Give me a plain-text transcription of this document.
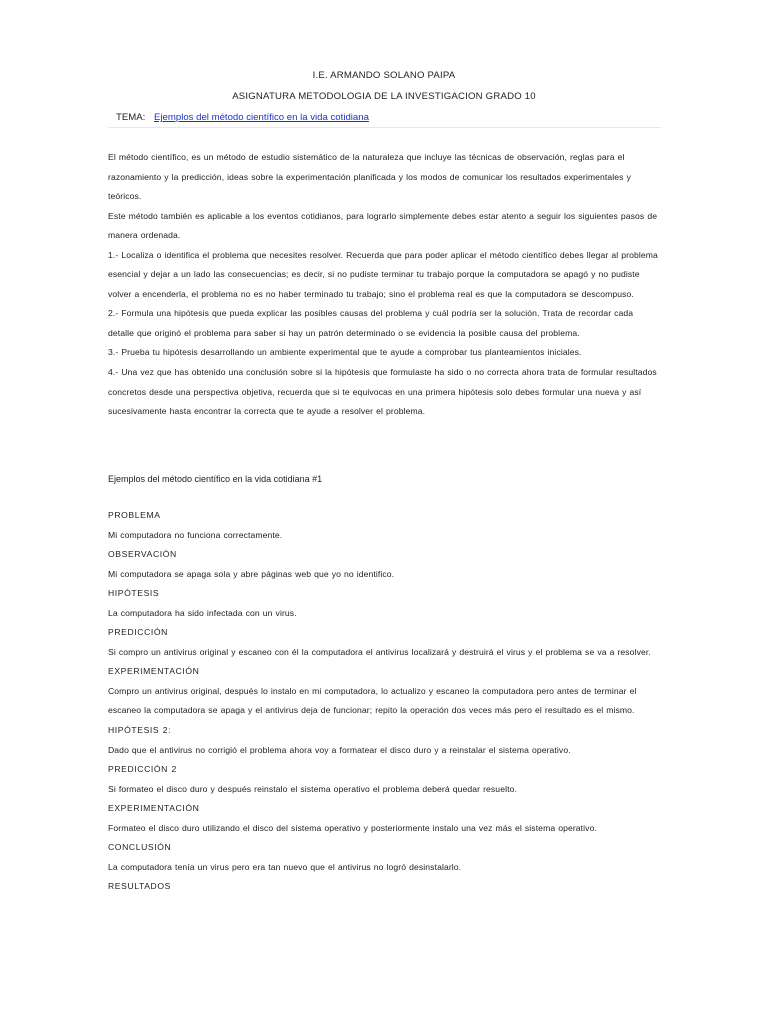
I.E. ARMANDO SOLANO PAIPA
ASIGNATURA METODOLOGIA DE LA INVESTIGACION GRADO 10
TEMA: Ejemplos del método científico en la vida cotidiana

El método científico, es un método de estudio sistemático de la naturaleza que incluye las técnicas de observación, reglas para el razonamiento y la predicción, ideas sobre la experimentación planificada y los modos de comunicar los resultados experimentales y teóricos.

Este método también es aplicable a los eventos cotidianos, para lograrlo simplemente debes estar atento a seguir los siguientes pasos de manera ordenada.

1.- Localiza o identifica el problema que necesites resolver. Recuerda que para poder aplicar el método científico debes llegar al problema esencial y dejar a un lado las consecuencias; es decir, si no pudiste terminar tu trabajo porque la computadora se apagó y no pudiste volver a encenderla, el problema no es no haber terminado tu trabajo; sino el problema real es que la computadora se descompuso.

2.- Formula una hipótesis que pueda explicar las posibles causas del problema y cuál podría ser la solución. Trata de recordar cada detalle que originó el problema para saber si hay un patrón determinado o se evidencia la posible causa del problema.

3.- Prueba tu hipótesis desarrollando un ambiente experimental que te ayude a comprobar tus planteamientos iniciales.

4.- Una vez que has obtenido una conclusión sobre si la hipótesis que formulaste ha sido o no correcta ahora trata de formular resultados concretos desde una perspectiva objetiva, recuerda que si te equivocas en una primera hipótesis solo debes formular una nueva y así sucesivamente hasta encontrar la correcta que te ayude a resolver el problema.

Ejemplos del método científico en la vida cotidiana #1

PROBLEMA

Mi computadora no funciona correctamente.

OBSERVACIÓN

Mi computadora se apaga sola y abre páginas web que yo no identifico.

HIPÓTESIS

La computadora ha sido infectada con un virus.

PREDICCIÓN

Si compro un antivirus original y escaneo con él la computadora el antivirus localizará y destruirá el virus y el problema se va a resolver.

EXPERIMENTACIÓN

Compro un antivirus original, después lo instalo en mi computadora, lo actualizo y escaneo la computadora pero antes de terminar el escaneo la computadora se apaga y el antivirus deja de funcionar; repito la operación dos veces más pero el resultado es el mismo.

HIPÓTESIS 2:

Dado que el antivirus no corrigió el problema ahora voy a formatear el disco duro y a reinstalar el sistema operativo.

PREDICCIÓN 2

Si formateo el disco duro y después reinstalo el sistema operativo el problema deberá quedar resuelto.

EXPERIMENTACIÓN

Formateo el disco duro utilizando el disco del sistema operativo y posteriormente instalo una vez más el sistema operativo.

CONCLUSIÓN

La computadora tenía un virus pero era tan nuevo que el antivirus no logró desinstalarlo.

RESULTADOS
